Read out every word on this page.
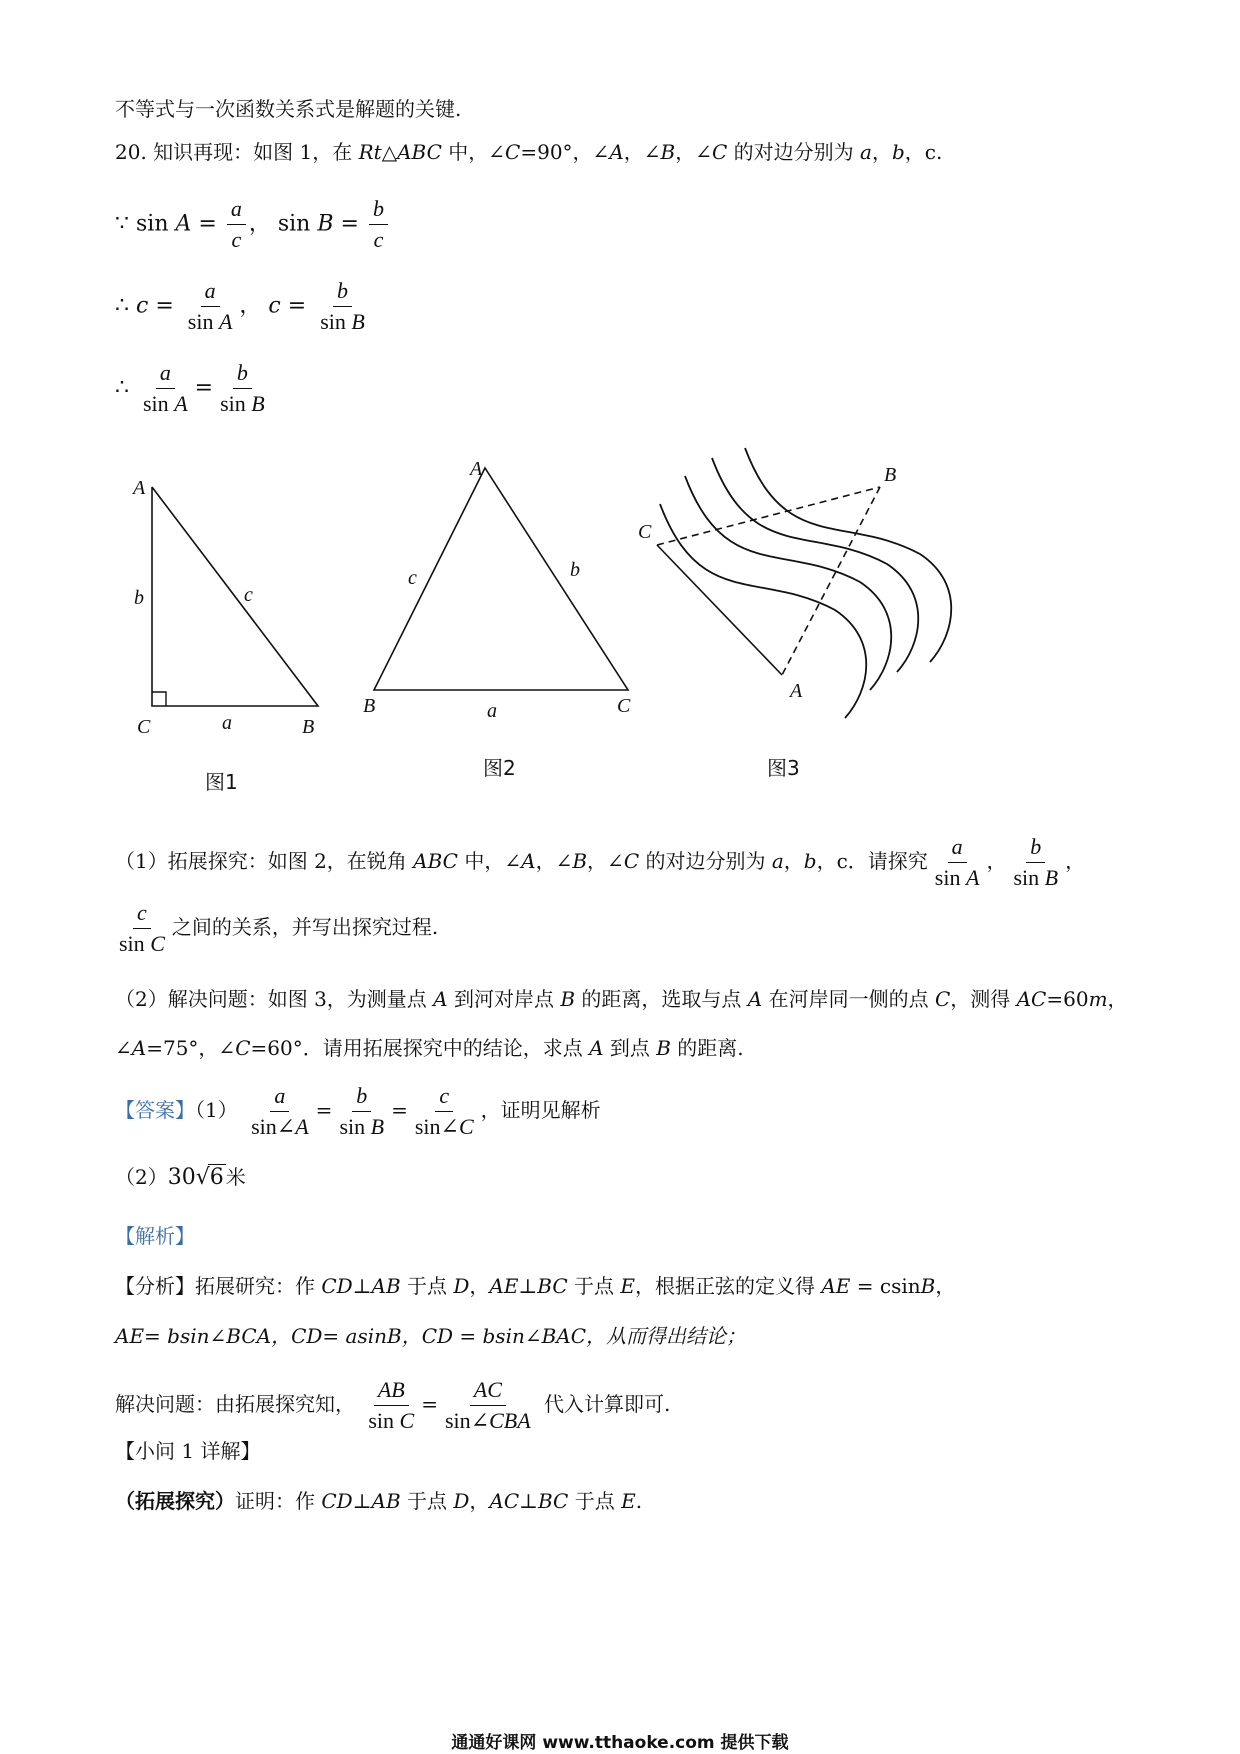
不等式与一次函数关系式是解题的关键.
20. 知识再现：如图 1，在 Rt△ABC 中，∠C=90°，∠A，∠B，∠C 的对边分别为 a，b，c.
∵ $\sin A = \frac{a}{c}$ ， $\sin B = \frac{b}{c}$
∴ $c = \frac{a}{\text{sin A}}$ ， $c = \frac{b}{\text{sin B}}$
∴ $\frac{a}{\text{sin A}} = \frac{b}{\text{sin B}}$
A
b	c
C	a	B
图1
A
c	b
B	a	C
图2
C
B
A
图3
（1）拓展探究：如图 2，在锐角 ABC 中，∠A，∠B，∠C 的对边分别为 a，b，c．请探究 $\frac{a}{\text{sin A}}$ ， $\frac{b}{\text{sin B}}$ ，
$\frac{c}{\text{sin C}}$ 之间的关系，并写出探究过程.
（2）解决问题：如图 3，为测量点 A 到河对岸点 B 的距离，选取与点 A 在河岸同一侧的点 C，测得 AC=60m，
∠A=75°，∠C=60°．请用拓展探究中的结论，求点 A 到点 B 的距离.
【答案】$(1) \frac{a}{\sin\angle A} = \frac{b}{\text{sin B}} = \frac{c}{\sin\angle C}$ ，证明见解析
（2）30√6 米
【解析】
【分析】拓展研究：作 CD⊥AB 于点 D，AE⊥BC 于点 E，根据正弦的定义得 AE = csinB，
AE= bsin∠BCA，CD= asinB，CD = bsin∠BAC，从而得出结论；
解决问题：由拓展探究知， $\frac{AB}{\text{sin C}} = \frac{AC}{\text{sin∠CBA}}$ 代入计算即可.
【小问 1 详解】
（拓展探究）证明：作 CD⊥AB 于点 D，AC⊥BC 于点 E.
通通好课网 www.tthaoke.com 提供下载
